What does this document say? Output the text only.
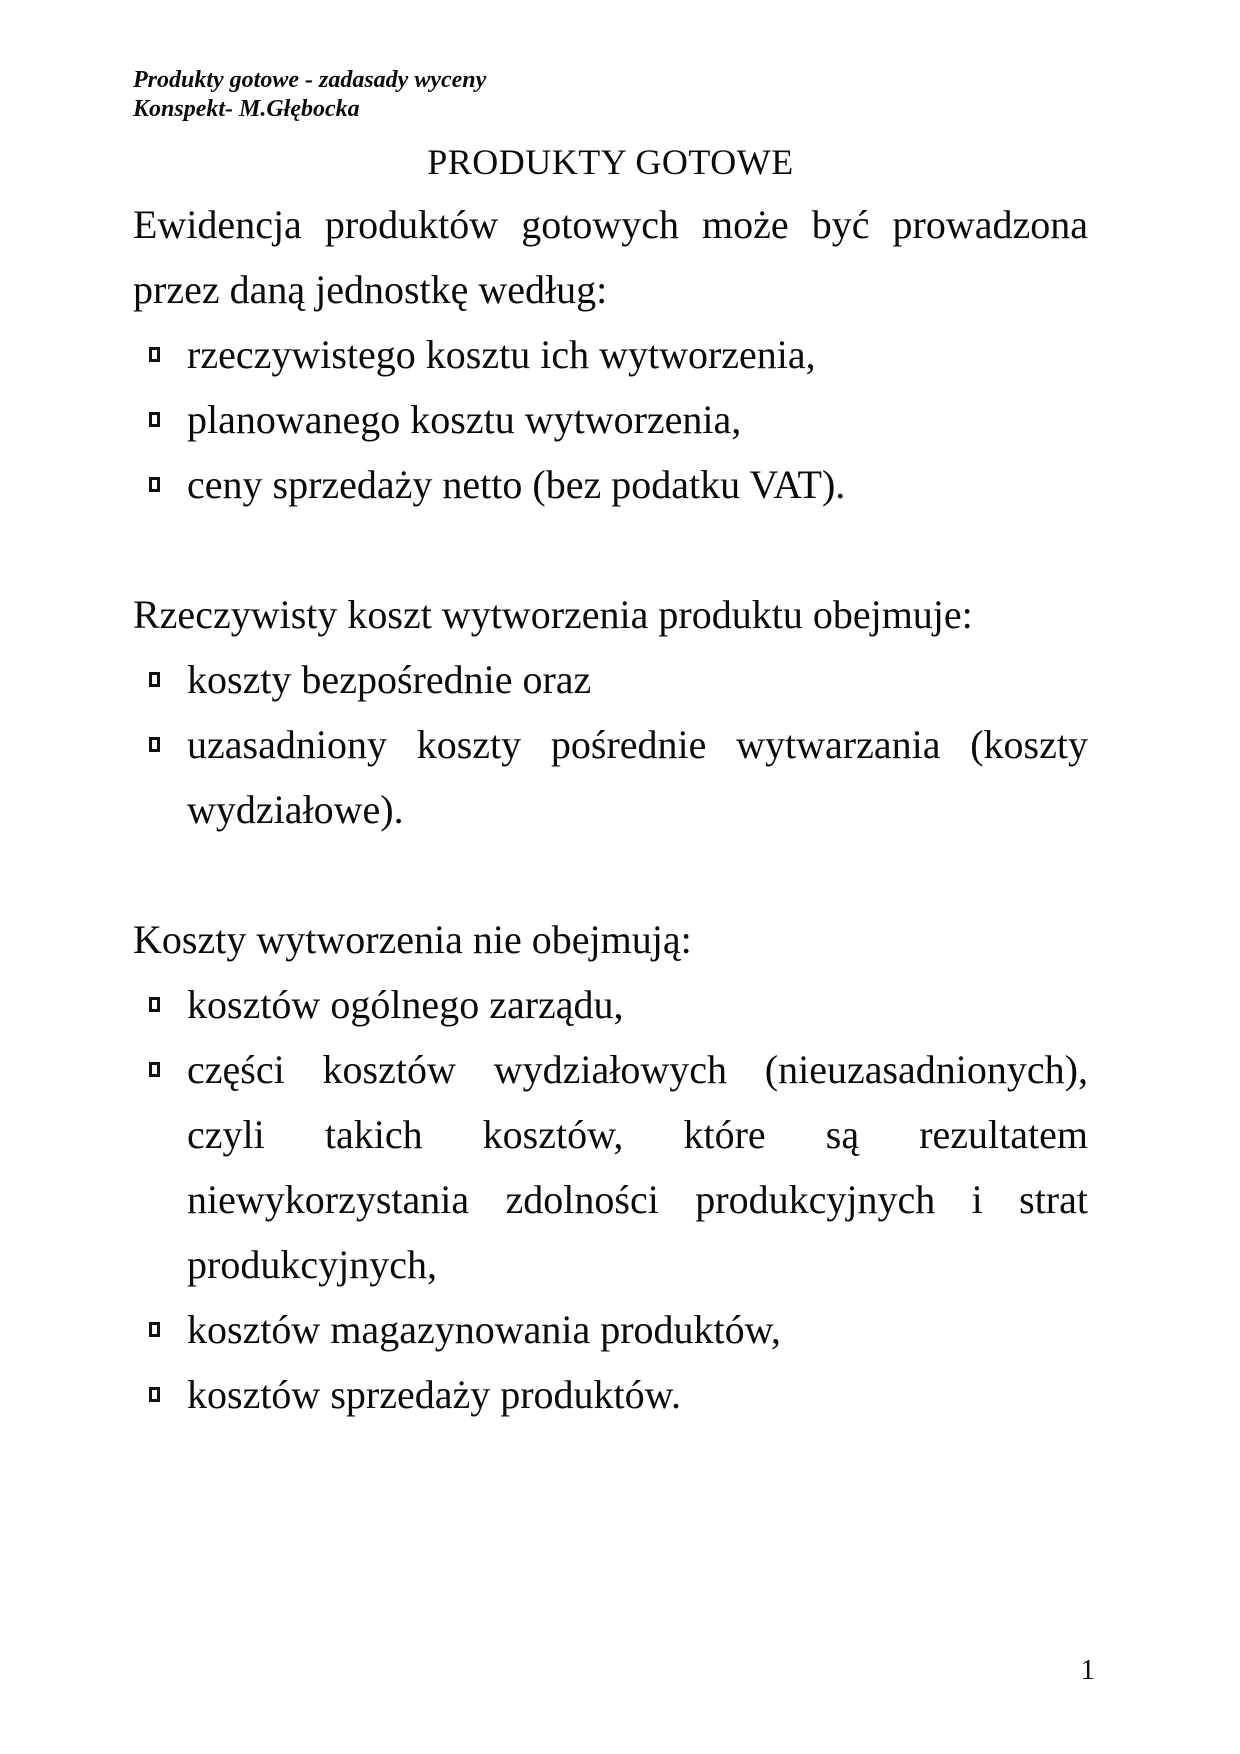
Produkty gotowe - zadasady wyceny
Konspekt- M.Głębocka
PRODUKTY GOTOWE

Ewidencja produktów gotowych może być prowadzona przez daną jednostkę według:

rzeczywistego kosztu ich wytworzenia,
planowanego kosztu wytworzenia,
ceny sprzedaży netto (bez podatku VAT).

Rzeczywisty koszt wytworzenia produktu obejmuje:

koszty bezpośrednie oraz
uzasadniony koszty pośrednie wytwarzania (koszty wydziałowe).

Koszty wytworzenia nie obejmują:

kosztów ogólnego zarządu,
części kosztów wydziałowych (nieuzasadnionych), czyli takich kosztów, które są rezultatem niewykorzystania zdolności produkcyjnych i strat produkcyjnych,
kosztów magazynowania produktów,
kosztów sprzedaży produktów.
1
